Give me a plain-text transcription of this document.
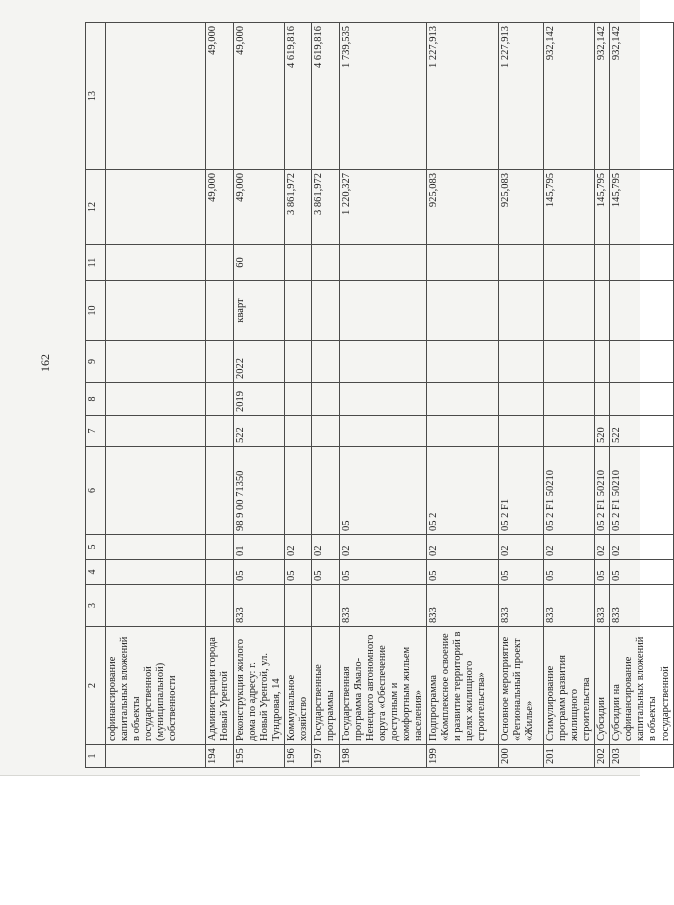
162
1	2	3	4	5	6	7	8	9	10	11	12	13
	софинансирование капитальных вложений в объекты государственной (муниципальной) собственности											
194	Администрация города Новый Уренгой										49,000	49,000
195	Реконструкция жилого дома по адресу: г. Новый Уренгой, ул. Тундровая, 14	833	05	01	98 9 00 71350	522	2019	2022	кварт	60	49,000	49,000
196	Коммунальное хозяйство		05	02							3 861,972	4 619,816
197	Государственные программы		05	02							3 861,972	4 619,816
198	Государственная программа Ямало-Ненецкого автономного округа «Обеспечение доступным и комфортным жильем населения»	833	05	02	05						1 220,327	1 739,535
199	Подпрограмма «Комплексное освоение и развитие территорий в целях жилищного строительства»	833	05	02	05 2						925,083	1 227,913
200	Основное мероприятие «Региональный проект «Жилье»	833	05	02	05 2 F1						925,083	1 227,913
201	Стимулирование программ развития жилищного строительства	833	05	02	05 2 F1 50210						145,795	932,142
202	Субсидии	833	05	02	05 2 F1 50210	520					145,795	932,142
203	Субсидии на софинансирование капитальных вложений в объекты государственной	833	05	02	05 2 F1 50210	522					145,795	932,142
